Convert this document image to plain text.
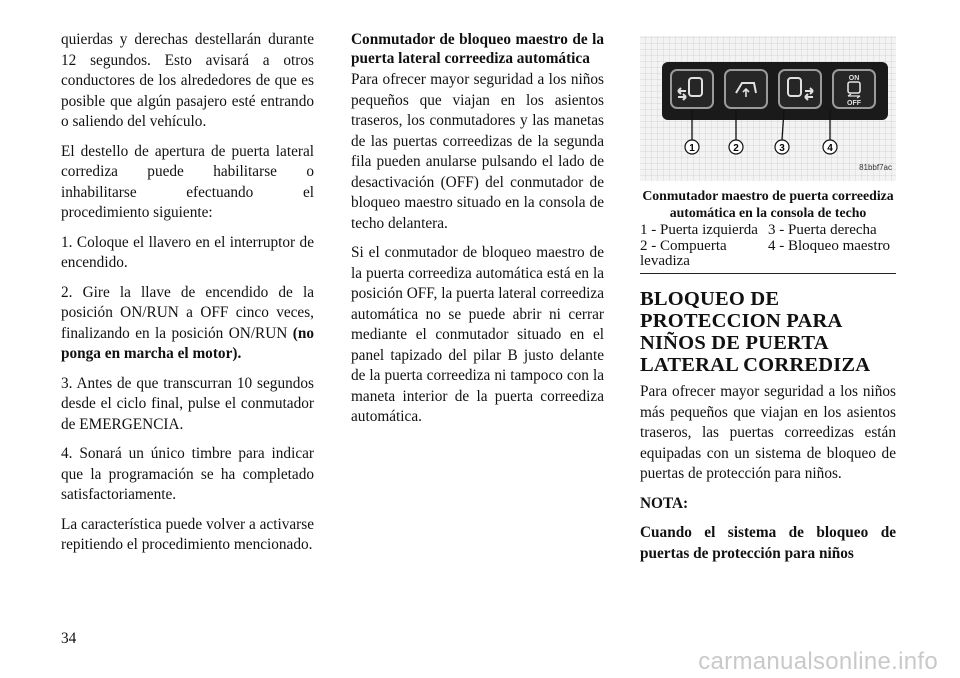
quierdas y derechas destellarán durante 12 segundos. Esto avisará a otros conductores de los alrededores de que es posible que algún pasajero esté entrando o saliendo del vehículo.

El destello de apertura de puerta lateral corrediza puede habilitarse o inhabilitarse efectuando el procedimiento siguiente:

1. Coloque el llavero en el interruptor de encendido.

2. Gire la llave de encendido de la posición ON/RUN a OFF cinco veces, finalizando en la posición ON/RUN (no ponga en marcha el motor).

3. Antes de que transcurran 10 segundos desde el ciclo final, pulse el conmutador de EMERGENCIA.

4. Sonará un único timbre para indicar que la programación se ha completado satisfactoriamente.

La característica puede volver a activarse repitiendo el procedimiento mencionado.

Conmutador de bloqueo maestro de la puerta lateral correediza automática

Para ofrecer mayor seguridad a los niños pequeños que viajan en los asientos traseros, los conmutadores y las manetas de las puertas correedizas de la segunda fila pueden anularse pulsando el lado de desactivación (OFF) del conmutador de bloqueo maestro situado en la consola de techo delantera.

Si el conmutador de bloqueo maestro de la puerta correediza automática está en la posición OFF, la puerta lateral correediza automática no se puede abrir ni cerrar mediante el conmutador situado en el panel tapizado del pilar B justo delante de la puerta correediza ni tampoco con la maneta interior de la puerta correediza automática.

ON
OFF
1	2	3	4
81bbf7ac
Conmutador maestro de puerta correediza automática en la consola de techo
1 - Puerta izquierda	3 - Puerta derecha
2 - Compuerta levadiza	4 - Bloqueo maestro
BLOQUEO DE PROTECCION PARA NIÑOS DE PUERTA LATERAL CORREDIZA

Para ofrecer mayor seguridad a los niños más pequeños que viajan en los asientos traseros, las puertas correedizas están equipadas con un sistema de bloqueo de puertas de protección para niños.

NOTA:

Cuando el sistema de bloqueo de puertas de protección para niños

34
carmanualsonline.info
